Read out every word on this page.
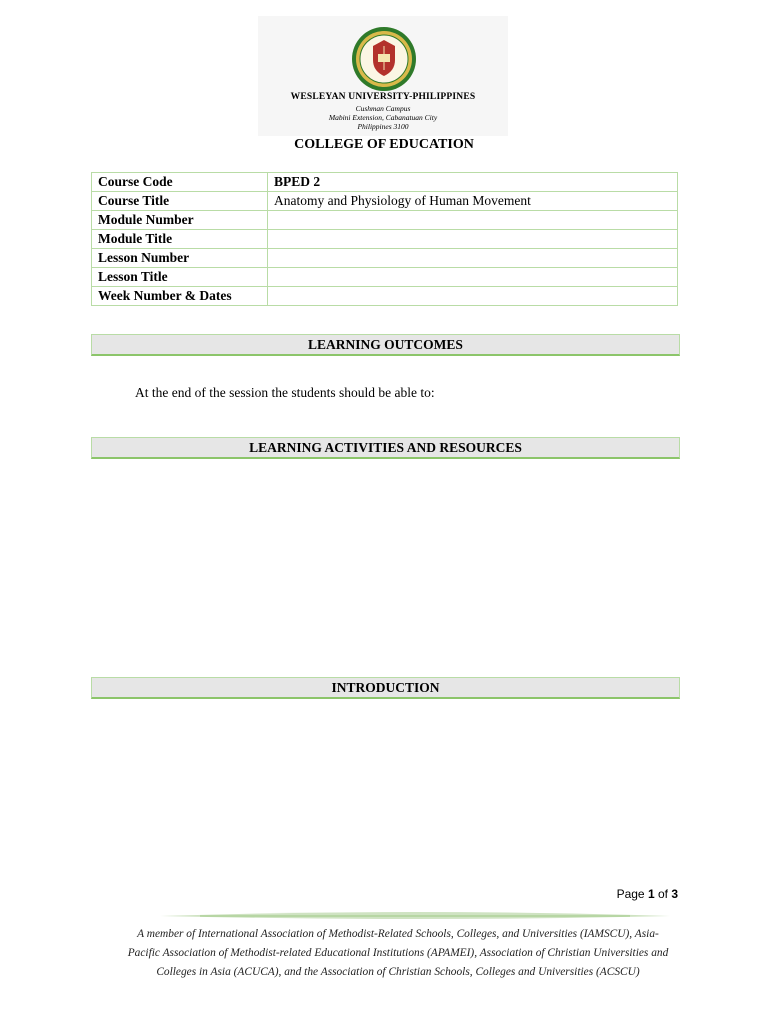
WESLEYAN UNIVERSITY-PHILIPPINES
Cushman Campus
Mabini Extension, Cabanatuan City
Philippines 3100
COLLEGE OF EDUCATION
Course Code	BPED 2
Course Title	Anatomy and Physiology of Human Movement
Module Number	
Module Title	
Lesson Number	
Lesson Title	
Week Number & Dates	
LEARNING OUTCOMES
At the end of the session the students should be able to:
LEARNING ACTIVITIES AND RESOURCES
INTRODUCTION
Page 1 of 3
A member of International Association of Methodist-Related Schools, Colleges, and Universities (IAMSCU), Asia-
Pacific Association of Methodist-related Educational Institutions (APAMEI), Association of Christian Universities and
Colleges in Asia (ACUCA), and the Association of Christian Schools, Colleges and Universities (ACSCU)
